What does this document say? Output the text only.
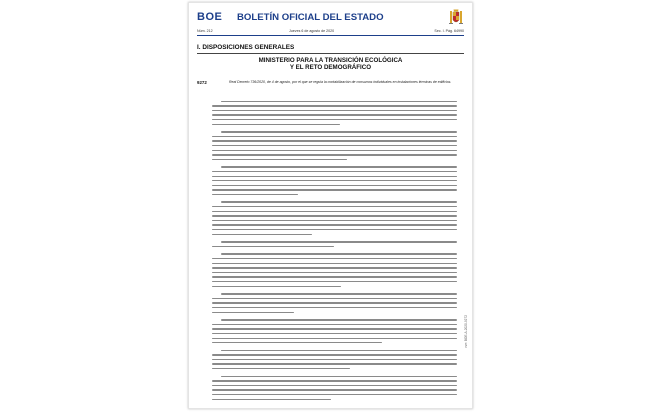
BOE BOLETÍN OFICIAL DEL ESTADO
Núm. 212	Jueves 6 de agosto de 2020	Sec. I. Pág. 64990
I. DISPOSICIONES GENERALES
MINISTERIO PARA LA TRANSICIÓN ECOLÓGICA
Y EL RETO DEMOGRÁFICO
9272	Real Decreto 736/2020, de 4 de agosto, por el que se regula la contabilización de consumos individuales en instalaciones térmicas de edificios.
cve: BOE-A-2020-9272
